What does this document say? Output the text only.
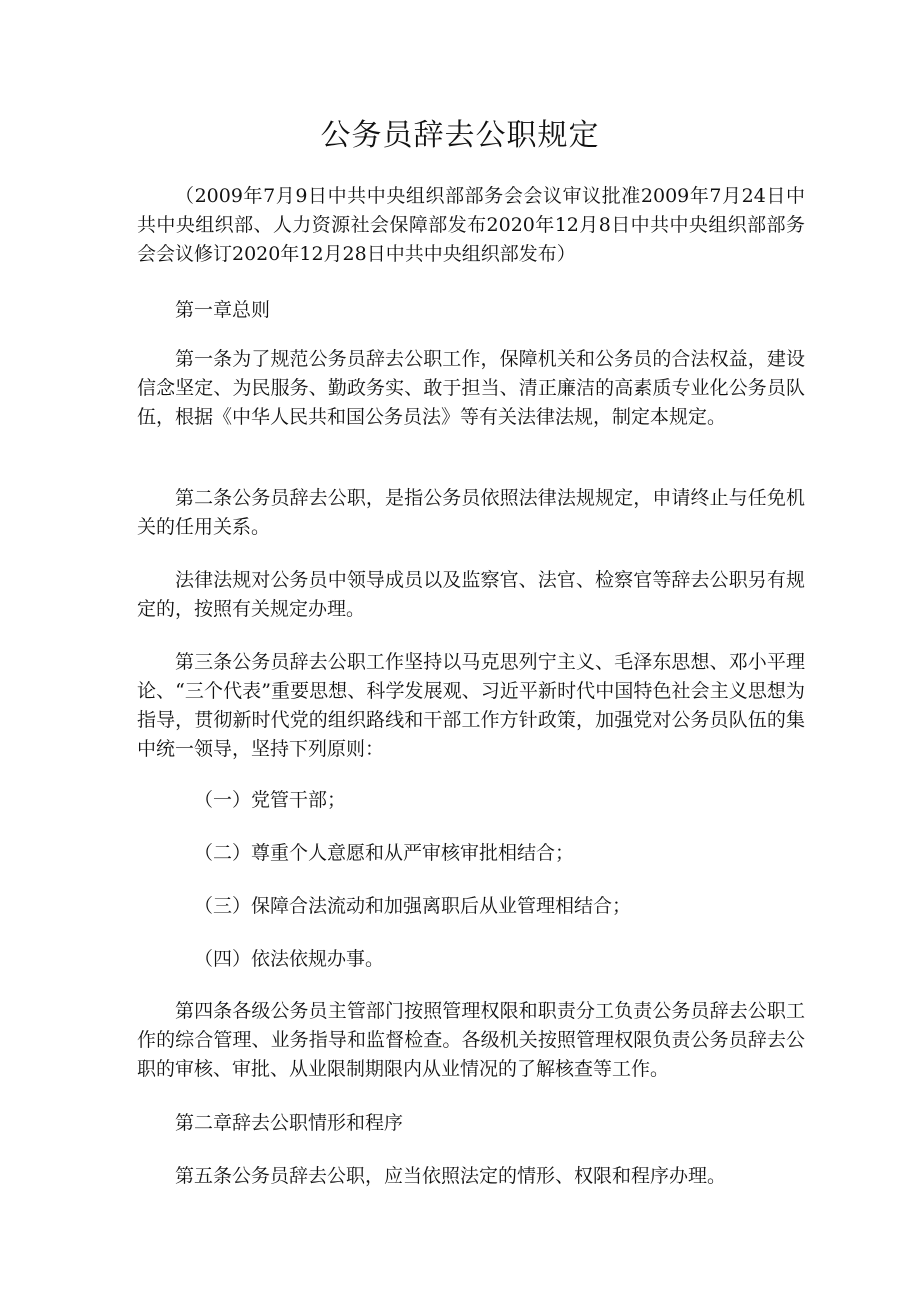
公务员辞去公职规定

（2009年7月9日中共中央组织部部务会会议审议批准2009年7月24日中共中央组织部、人力资源社会保障部发布2020年12月8日中共中央组织部部务会会议修订2020年12月28日中共中央组织部发布）

第一章总则

第一条为了规范公务员辞去公职工作，保障机关和公务员的合法权益，建设信念坚定、为民服务、勤政务实、敢于担当、清正廉洁的高素质专业化公务员队伍，根据《中华人民共和国公务员法》等有关法律法规，制定本规定。

第二条公务员辞去公职，是指公务员依照法律法规规定，申请终止与任免机关的任用关系。

法律法规对公务员中领导成员以及监察官、法官、检察官等辞去公职另有规定的，按照有关规定办理。

第三条公务员辞去公职工作坚持以马克思列宁主义、毛泽东思想、邓小平理论、“三个代表”重要思想、科学发展观、习近平新时代中国特色社会主义思想为指导，贯彻新时代党的组织路线和干部工作方针政策，加强党对公务员队伍的集中统一领导，坚持下列原则：

（一）党管干部；

（二）尊重个人意愿和从严审核审批相结合；

（三）保障合法流动和加强离职后从业管理相结合；

（四）依法依规办事。

第四条各级公务员主管部门按照管理权限和职责分工负责公务员辞去公职工作的综合管理、业务指导和监督检查。各级机关按照管理权限负责公务员辞去公职的审核、审批、从业限制期限内从业情况的了解核查等工作。

第二章辞去公职情形和程序

第五条公务员辞去公职，应当依照法定的情形、权限和程序办理。
